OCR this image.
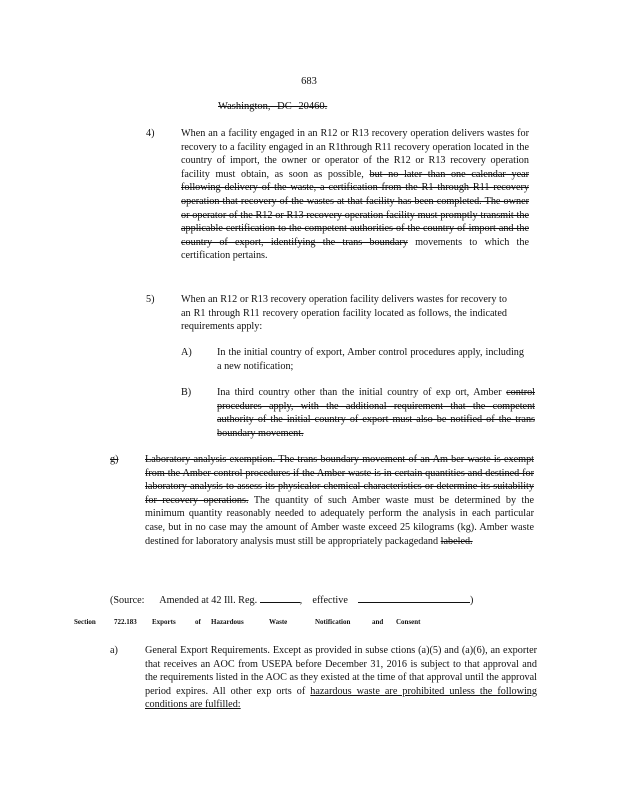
683
Washington, DC 20460.
4)	When an a facility engaged in an R12 or R13 recovery operation delivers wastes for recovery to a facility engaged in an R1through R11 recovery operation located in the country of import, the owner or operator of the R12 or R13 recovery operation facility must obtain, as soon as possible, but no later than one calendar year following delivery of the waste, a certification from the R1 through R11 recovery operation that recovery of the wastes at that facility has been completed. The owner or operator of the R12 or R13 recovery operation facility must promptly transmit the applicable certification to the competent authorities of the country of import and the country of export, identifying the trans boundary movements to which the certification pertains.
5)	When an R12 or R13 recovery operation facility delivers wastes for recovery to an R1 through R11 recovery operation facility located as follows, the indicated requirements apply:
A) In the initial country of export, Amber control procedures apply, including a new notification;
B)	Ina third country other than the initial country of exp ort, Amber control procedures apply, with the additional requirement that the competent authority of the initial country of export must also be notified of the trans boundary movement.
g)	Laboratory analysis exemption. The trans boundary movement of an Am ber waste is exempt from the Amber control procedures if the Amber waste is in certain quantities and destined for laboratory analysis to assess its physicalor chemical characteristics or determine its suitability for recovery operations. The quantity of such Amber waste must be determined by the minimum quantity reasonably needed to adequately perform the analysis in each particular case, but in no case may the amount of Amber waste exceed 25 kilograms (kg). Amber waste destined for laboratory analysis must still be appropriately packagedand labeled.
(Source: Amended at 42 Ill. Reg.	,    effective	)
Section	722.183 Exports	of Hazardous	Waste	Notification	and Consent
a)	General Export Requirements. Except as provided in subse ctions (a)(5) and (a)(6), an exporter that receives an AOC from USEPA before December 31, 2016 is subject to that approval and the requirements listed in the AOC as they existed at the time of that approval until the approval period expires. All other exp orts of hazardous waste are prohibited unless the following conditions are fulfilled:
